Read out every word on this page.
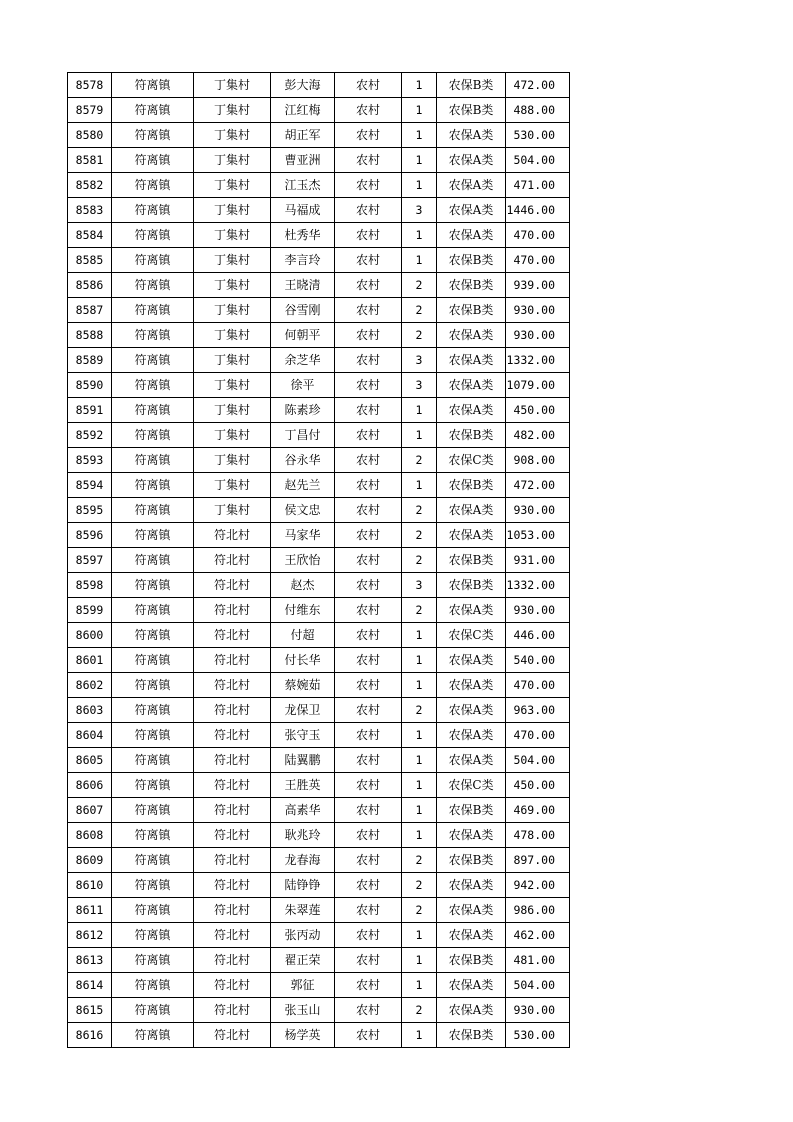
8578	符离镇	丁集村	彭大海	农村	1	农保B类	472.00
8579	符离镇	丁集村	江红梅	农村	1	农保B类	488.00
8580	符离镇	丁集村	胡正军	农村	1	农保A类	530.00
8581	符离镇	丁集村	曹亚洲	农村	1	农保A类	504.00
8582	符离镇	丁集村	江玉杰	农村	1	农保A类	471.00
8583	符离镇	丁集村	马福成	农村	3	农保A类	1446.00
8584	符离镇	丁集村	杜秀华	农村	1	农保A类	470.00
8585	符离镇	丁集村	李言玲	农村	1	农保B类	470.00
8586	符离镇	丁集村	王晓清	农村	2	农保B类	939.00
8587	符离镇	丁集村	谷雪刚	农村	2	农保B类	930.00
8588	符离镇	丁集村	何朝平	农村	2	农保A类	930.00
8589	符离镇	丁集村	余芝华	农村	3	农保A类	1332.00
8590	符离镇	丁集村	徐平	农村	3	农保A类	1079.00
8591	符离镇	丁集村	陈素珍	农村	1	农保A类	450.00
8592	符离镇	丁集村	丁昌付	农村	1	农保B类	482.00
8593	符离镇	丁集村	谷永华	农村	2	农保C类	908.00
8594	符离镇	丁集村	赵先兰	农村	1	农保B类	472.00
8595	符离镇	丁集村	侯文忠	农村	2	农保A类	930.00
8596	符离镇	符北村	马家华	农村	2	农保A类	1053.00
8597	符离镇	符北村	王欣怡	农村	2	农保B类	931.00
8598	符离镇	符北村	赵杰	农村	3	农保B类	1332.00
8599	符离镇	符北村	付维东	农村	2	农保A类	930.00
8600	符离镇	符北村	付超	农村	1	农保C类	446.00
8601	符离镇	符北村	付长华	农村	1	农保A类	540.00
8602	符离镇	符北村	蔡婉茹	农村	1	农保A类	470.00
8603	符离镇	符北村	龙保卫	农村	2	农保A类	963.00
8604	符离镇	符北村	张守玉	农村	1	农保A类	470.00
8605	符离镇	符北村	陆翼鹏	农村	1	农保A类	504.00
8606	符离镇	符北村	王胜英	农村	1	农保C类	450.00
8607	符离镇	符北村	高素华	农村	1	农保B类	469.00
8608	符离镇	符北村	耿兆玲	农村	1	农保A类	478.00
8609	符离镇	符北村	龙春海	农村	2	农保B类	897.00
8610	符离镇	符北村	陆铮铮	农村	2	农保A类	942.00
8611	符离镇	符北村	朱翠莲	农村	2	农保A类	986.00
8612	符离镇	符北村	张丙动	农村	1	农保A类	462.00
8613	符离镇	符北村	翟正荣	农村	1	农保B类	481.00
8614	符离镇	符北村	郭征	农村	1	农保A类	504.00
8615	符离镇	符北村	张玉山	农村	2	农保A类	930.00
8616	符离镇	符北村	杨学英	农村	1	农保B类	530.00
